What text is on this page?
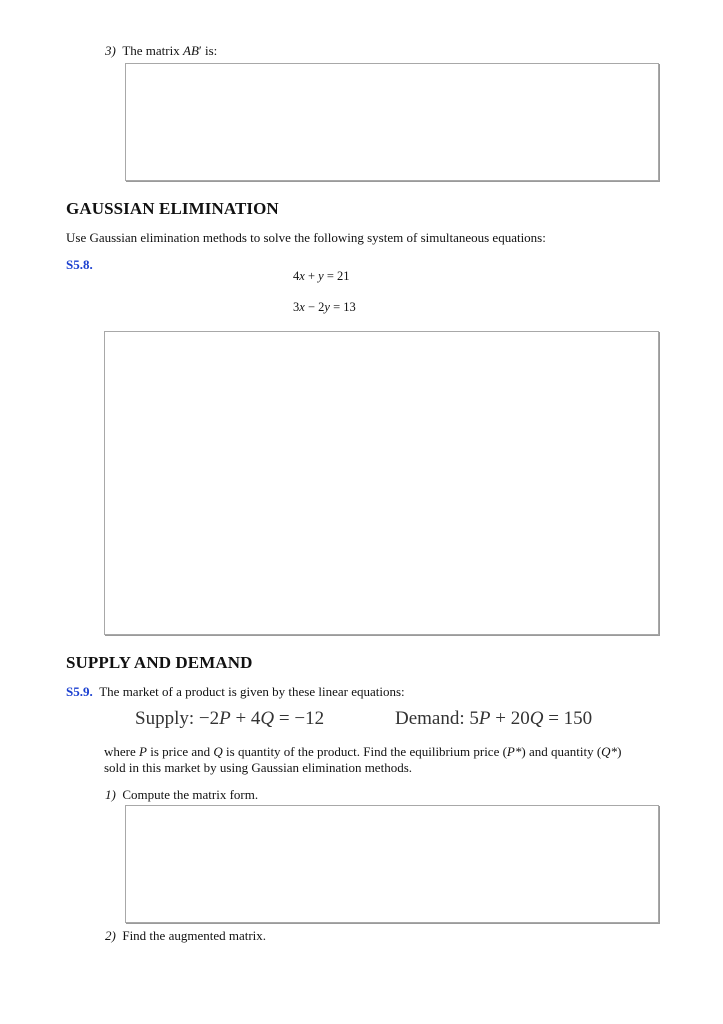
3) The matrix AB′ is:
GAUSSIAN ELIMINATION
Use Gaussian elimination methods to solve the following system of simultaneous equations:
S5.8.
4x + y = 21
3x − 2y = 13
SUPPLY AND DEMAND
S5.9. The market of a product is given by these linear equations:
Supply: −2P + 4Q = −12	Demand: 5P + 20Q = 150
where P is price and Q is quantity of the product. Find the equilibrium price (P*) and quantity (Q*)
sold in this market by using Gaussian elimination methods.
1) Compute the matrix form.
2) Find the augmented matrix.
